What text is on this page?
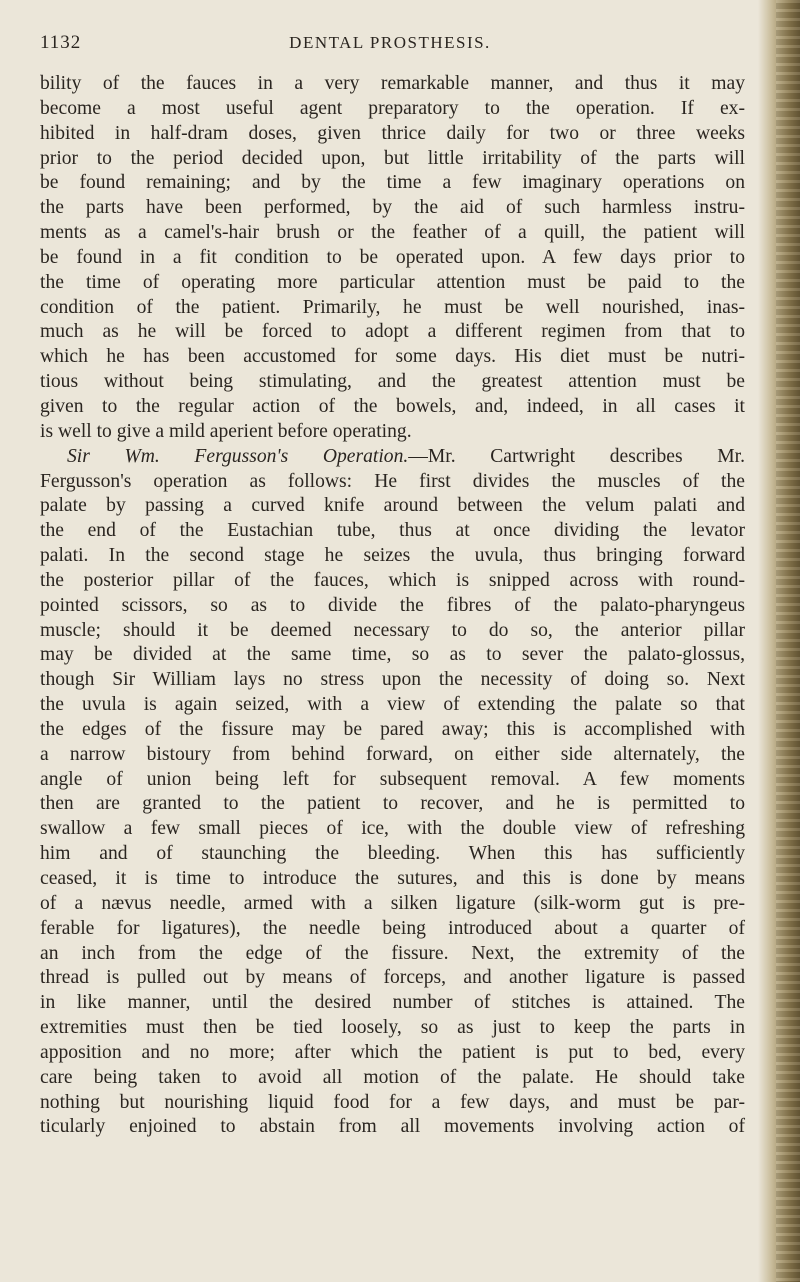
1132	DENTAL PROSTHESIS.
bility of the fauces in a very remarkable manner, and thus it may
become a most useful agent preparatory to the operation. If ex-
hibited in half-dram doses, given thrice daily for two or three weeks
prior to the period decided upon, but little irritability of the parts will
be found remaining; and by the time a few imaginary operations on
the parts have been performed, by the aid of such harmless instru-
ments as a camel's-hair brush or the feather of a quill, the patient will
be found in a fit condition to be operated upon. A few days prior to
the time of operating more particular attention must be paid to the
condition of the patient. Primarily, he must be well nourished, inas-
much as he will be forced to adopt a different regimen from that to
which he has been accustomed for some days. His diet must be nutri-
tious without being stimulating, and the greatest attention must be
given to the regular action of the bowels, and, indeed, in all cases it
is well to give a mild aperient before operating.
Sir Wm. Fergusson's Operation.—Mr. Cartwright describes Mr.
Fergusson's operation as follows: He first divides the muscles of the
palate by passing a curved knife around between the velum palati and
the end of the Eustachian tube, thus at once dividing the levator
palati. In the second stage he seizes the uvula, thus bringing forward
the posterior pillar of the fauces, which is snipped across with round-
pointed scissors, so as to divide the fibres of the palato-pharyngeus
muscle; should it be deemed necessary to do so, the anterior pillar
may be divided at the same time, so as to sever the palato-glossus,
though Sir William lays no stress upon the necessity of doing so. Next
the uvula is again seized, with a view of extending the palate so that
the edges of the fissure may be pared away; this is accomplished with
a narrow bistoury from behind forward, on either side alternately, the
angle of union being left for subsequent removal. A few moments
then are granted to the patient to recover, and he is permitted to
swallow a few small pieces of ice, with the double view of refreshing
him and of staunching the bleeding. When this has sufficiently
ceased, it is time to introduce the sutures, and this is done by means
of a nævus needle, armed with a silken ligature (silk-worm gut is pre-
ferable for ligatures), the needle being introduced about a quarter of
an inch from the edge of the fissure. Next, the extremity of the
thread is pulled out by means of forceps, and another ligature is passed
in like manner, until the desired number of stitches is attained. The
extremities must then be tied loosely, so as just to keep the parts in
apposition and no more; after which the patient is put to bed, every
care being taken to avoid all motion of the palate. He should take
nothing but nourishing liquid food for a few days, and must be par-
ticularly enjoined to abstain from all movements involving action of
